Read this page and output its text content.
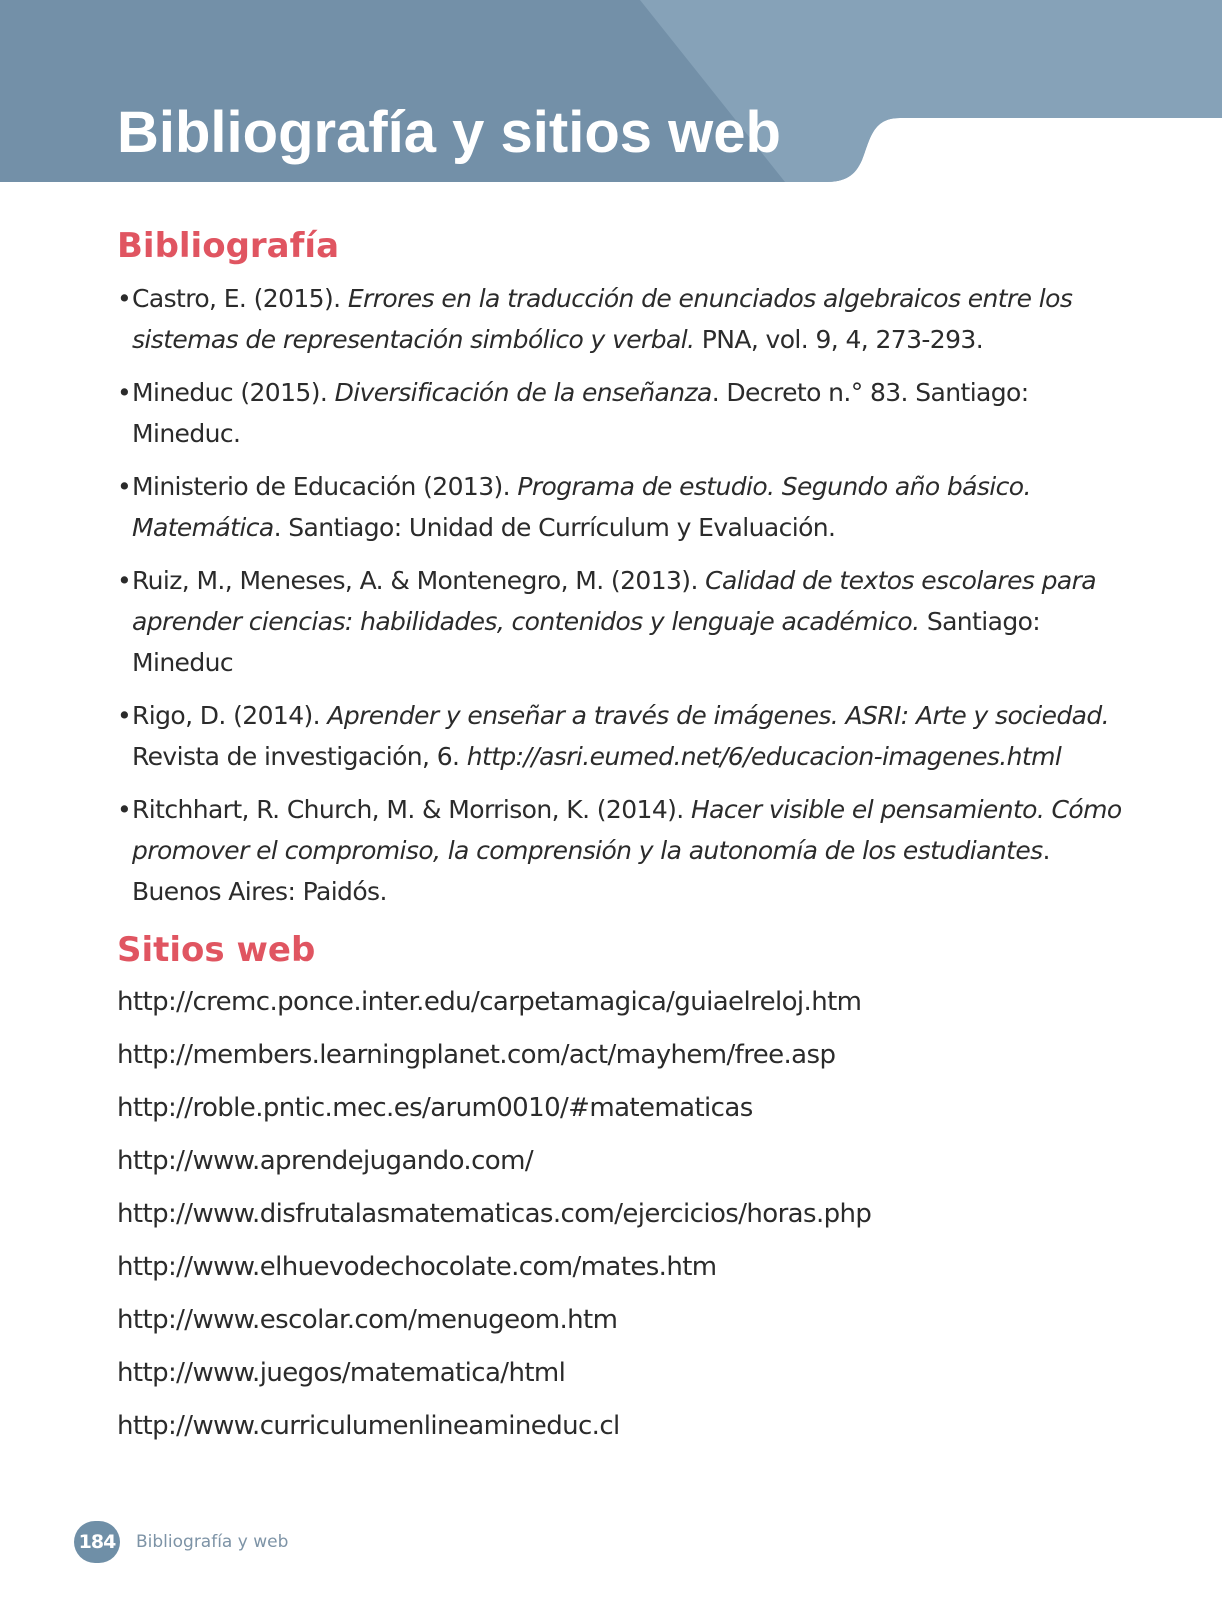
Bibliografía y sitios web
Bibliografía
• Castro, E. (2015). Errores en la traducción de enunciados algebraicos entre los sistemas de representación simbólico y verbal. PNA, vol. 9, 4, 273-293.
• Mineduc (2015). Diversificación de la enseñanza. Decreto n.° 83. Santiago: Mineduc.
• Ministerio de Educación (2013). Programa de estudio. Segundo año básico. Matemática. Santiago: Unidad de Currículum y Evaluación.
• Ruiz, M., Meneses, A. & Montenegro, M. (2013). Calidad de textos escolares para aprender ciencias: habilidades, contenidos y lenguaje académico. Santiago: Mineduc
• Rigo, D. (2014). Aprender y enseñar a través de imágenes. ASRI: Arte y sociedad. Revista de investigación, 6. http://asri.eumed.net/6/educacion-imagenes.html
• Ritchhart, R. Church, M. & Morrison, K. (2014). Hacer visible el pensamiento. Cómo promover el compromiso, la comprensión y la autonomía de los estudiantes. Buenos Aires: Paidós.
Sitios web
http://cremc.ponce.inter.edu/carpetamagica/guiaelreloj.htm
http://members.learningplanet.com/act/mayhem/free.asp
http://roble.pntic.mec.es/arum0010/#matematicas
http://www.aprendejugando.com/
http://www.disfrutalasmatematicas.com/ejercicios/horas.php
http://www.elhuevodechocolate.com/mates.htm
http://www.escolar.com/menugeom.htm
http://www.juegos/matematica/html
http://www.curriculumenlineamineduc.cl
184 Bibliografía y web
